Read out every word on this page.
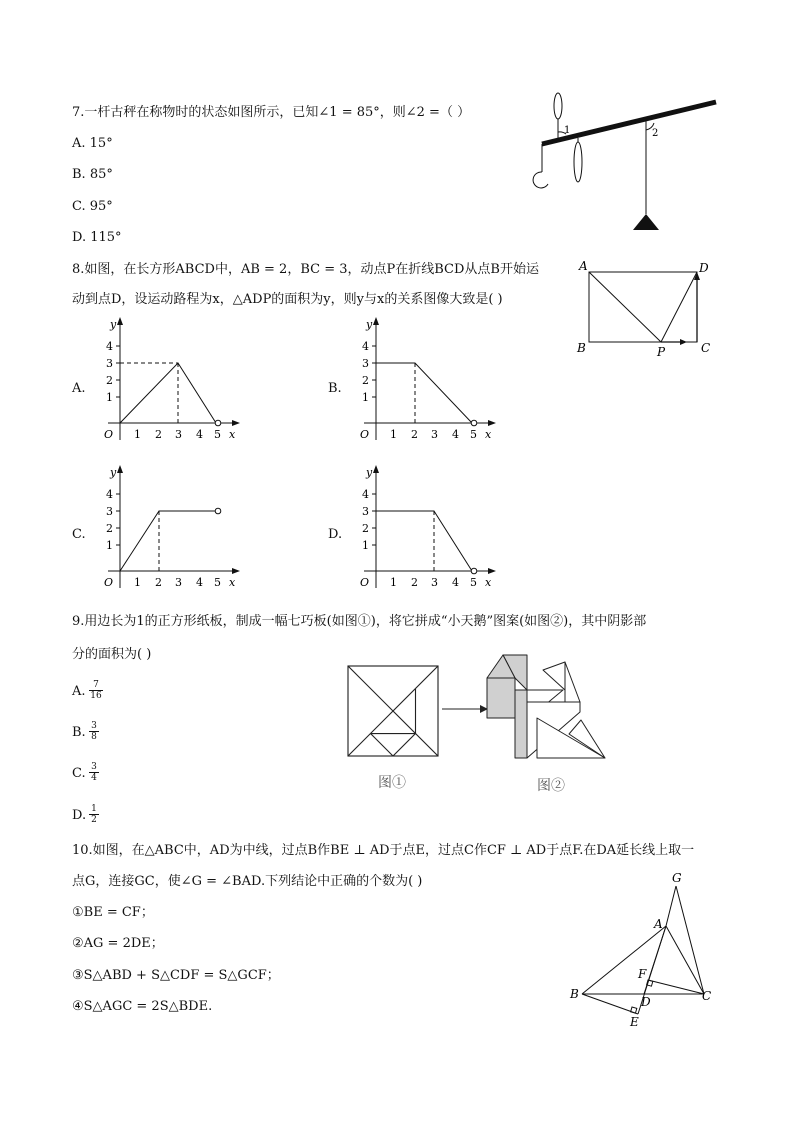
7.一杆古秤在称物时的状态如图所示，已知∠1 = 85°，则∠2 =（ ）
A. 15°
B. 85°
C. 95°
D. 115°
1	2
8.如图，在长方形ABCD中，AB = 2，BC = 3，动点P在折线BCD从点B开始运
动到点D，设运动路程为x，△ADP的面积为y，则y与x的关系图像大致是( )
A	D
B	P	C
A.	B.
C.	D.
y
4
3
2
1
O 1 2 3 4 5 x
y
4
3
2
1
O 1 2 3 4 5 x
y
4
3
2
1
O 1 2 3 4 5 x
y
4
3
2
1
O 1 2 3 4 5 x
9.用边长为1的正方形纸板，制成一幅七巧板(如图①)，将它拼成“小天鹅”图案(如图②)，其中阴影部
分的面积为( )
A. $\frac{7}{16}$
B. $\frac{3}{8}$
C. $\frac{3}{4}$
D. $\frac{1}{2}$
图①	图②
10.如图，在△ABC中，AD为中线，过点B作BE ⊥ AD于点E，过点C作CF ⊥ AD于点F.在DA延长线上取一
点G，连接GC，使∠G = ∠BAD.下列结论中正确的个数为( )
①BE = CF；
②AG = 2DE；
③S△ABD + S△CDF = S△GCF；
④S△AGC = 2S△BDE.
G
A
F
B
D	C
E
